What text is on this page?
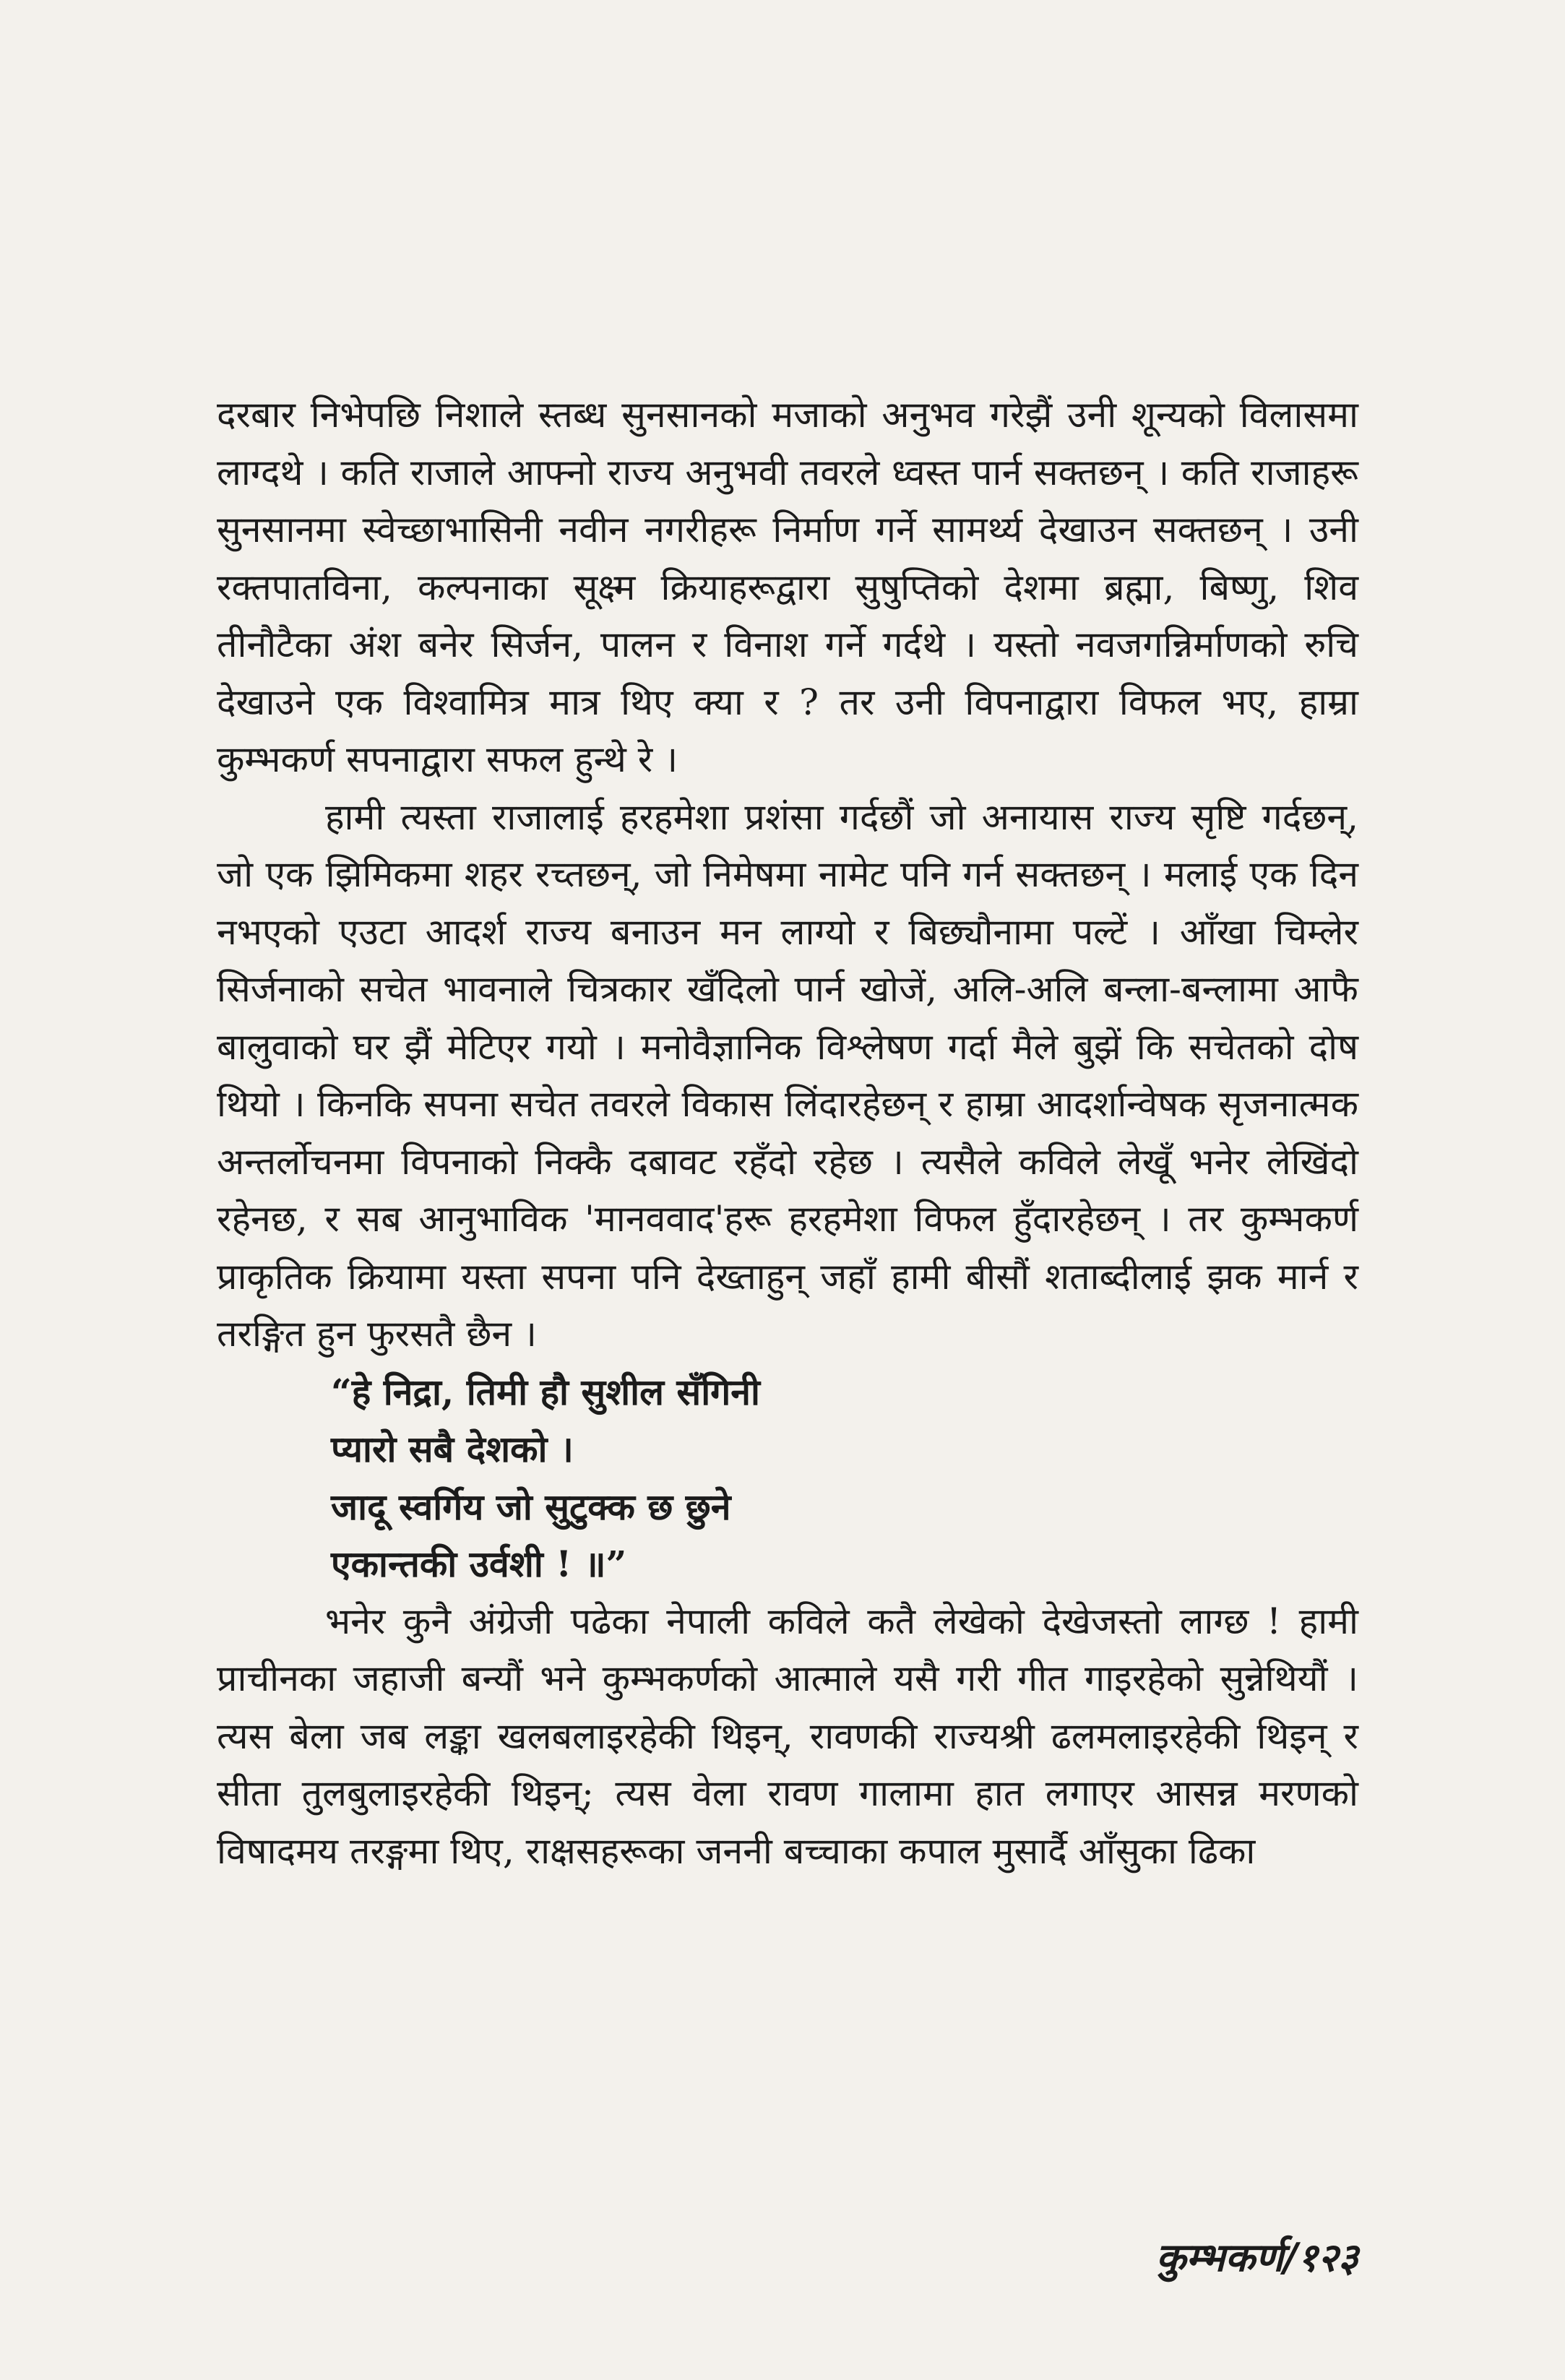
दरबार निभेपछि निशाले स्तब्ध सुनसानको मजाको अनुभव गरेझैं उनी शून्यको विलासमा लाग्दथे । कति राजाले आफ्नो राज्य अनुभवी तवरले ध्वस्त पार्न सक्तछन् । कति राजाहरू सुनसानमा स्वेच्छाभासिनी नवीन नगरीहरू निर्माण गर्ने सामर्थ्य देखाउन सक्तछन् । उनी रक्तपातविना, कल्पनाका सूक्ष्म क्रियाहरूद्वारा सुषुप्तिको देशमा ब्रह्मा, बिष्णु, शिव तीनौटैका अंश बनेर सिर्जन, पालन र विनाश गर्ने गर्दथे । यस्तो नवजगन्निर्माणको रुचि देखाउने एक विश्वामित्र मात्र थिए क्या र ? तर उनी विपनाद्वारा विफल भए, हाम्रा कुम्भकर्ण सपनाद्वारा सफल हुन्थे रे ।

हामी त्यस्ता राजालाई हरहमेशा प्रशंसा गर्दछौं जो अनायास राज्य सृष्टि गर्दछन्, जो एक झिमिकमा शहर रच्तछन्, जो निमेषमा नामेट पनि गर्न सक्तछन् । मलाई एक दिन नभएको एउटा आदर्श राज्य बनाउन मन लाग्यो र बिछ्यौनामा पल्टें । आँखा चिम्लेर सिर्जनाको सचेत भावनाले चित्रकार खँदिलो पार्न खोजें, अलि-अलि बन्ला-बन्लामा आफै बालुवाको घर झैं मेटिएर गयो । मनोवैज्ञानिक विश्लेषण गर्दा मैले बुझें कि सचेतको दोष थियो । किनकि सपना सचेत तवरले विकास लिंदारहेछन् र हाम्रा आदर्शान्वेषक सृजनात्मक अन्तर्लोचनमा विपनाको निक्कै दबावट रहँदो रहेछ । त्यसैले कविले लेखूँ भनेर लेखिंदो रहेनछ, र सब आनुभाविक 'मानववाद'हरू हरहमेशा विफल हुँदारहेछन् । तर कुम्भकर्ण प्राकृतिक क्रियामा यस्ता सपना पनि देख्ताहुन् जहाँ हामी बीसौं शताब्दीलाई झक मार्न र तरङ्गित हुन फुरसतै छैन ।

“हे निद्रा, तिमी हौ सुशील सँगिनी
प्यारो सबै देशको ।
जादू स्वर्गिय जो सुटुक्क छ छुने
एकान्तकी उर्वशी ! ॥”

भनेर कुनै अंग्रेजी पढेका नेपाली कविले कतै लेखेको देखेजस्तो लाग्छ ! हामी प्राचीनका जहाजी बन्यौं भने कुम्भकर्णको आत्माले यसै गरी गीत गाइरहेको सुन्नेथियौं । त्यस बेला जब लङ्का खलबलाइरहेकी थिइन्, रावणकी राज्यश्री ढलमलाइरहेकी थिइन् र सीता तुलबुलाइरहेकी थिइन्; त्यस वेला रावण गालामा हात लगाएर आसन्न मरणको विषादमय तरङ्गमा थिए, राक्षसहरूका जननी बच्चाका कपाल मुसार्दै आँसुका ढिका

कुम्भकर्ण/१२३
